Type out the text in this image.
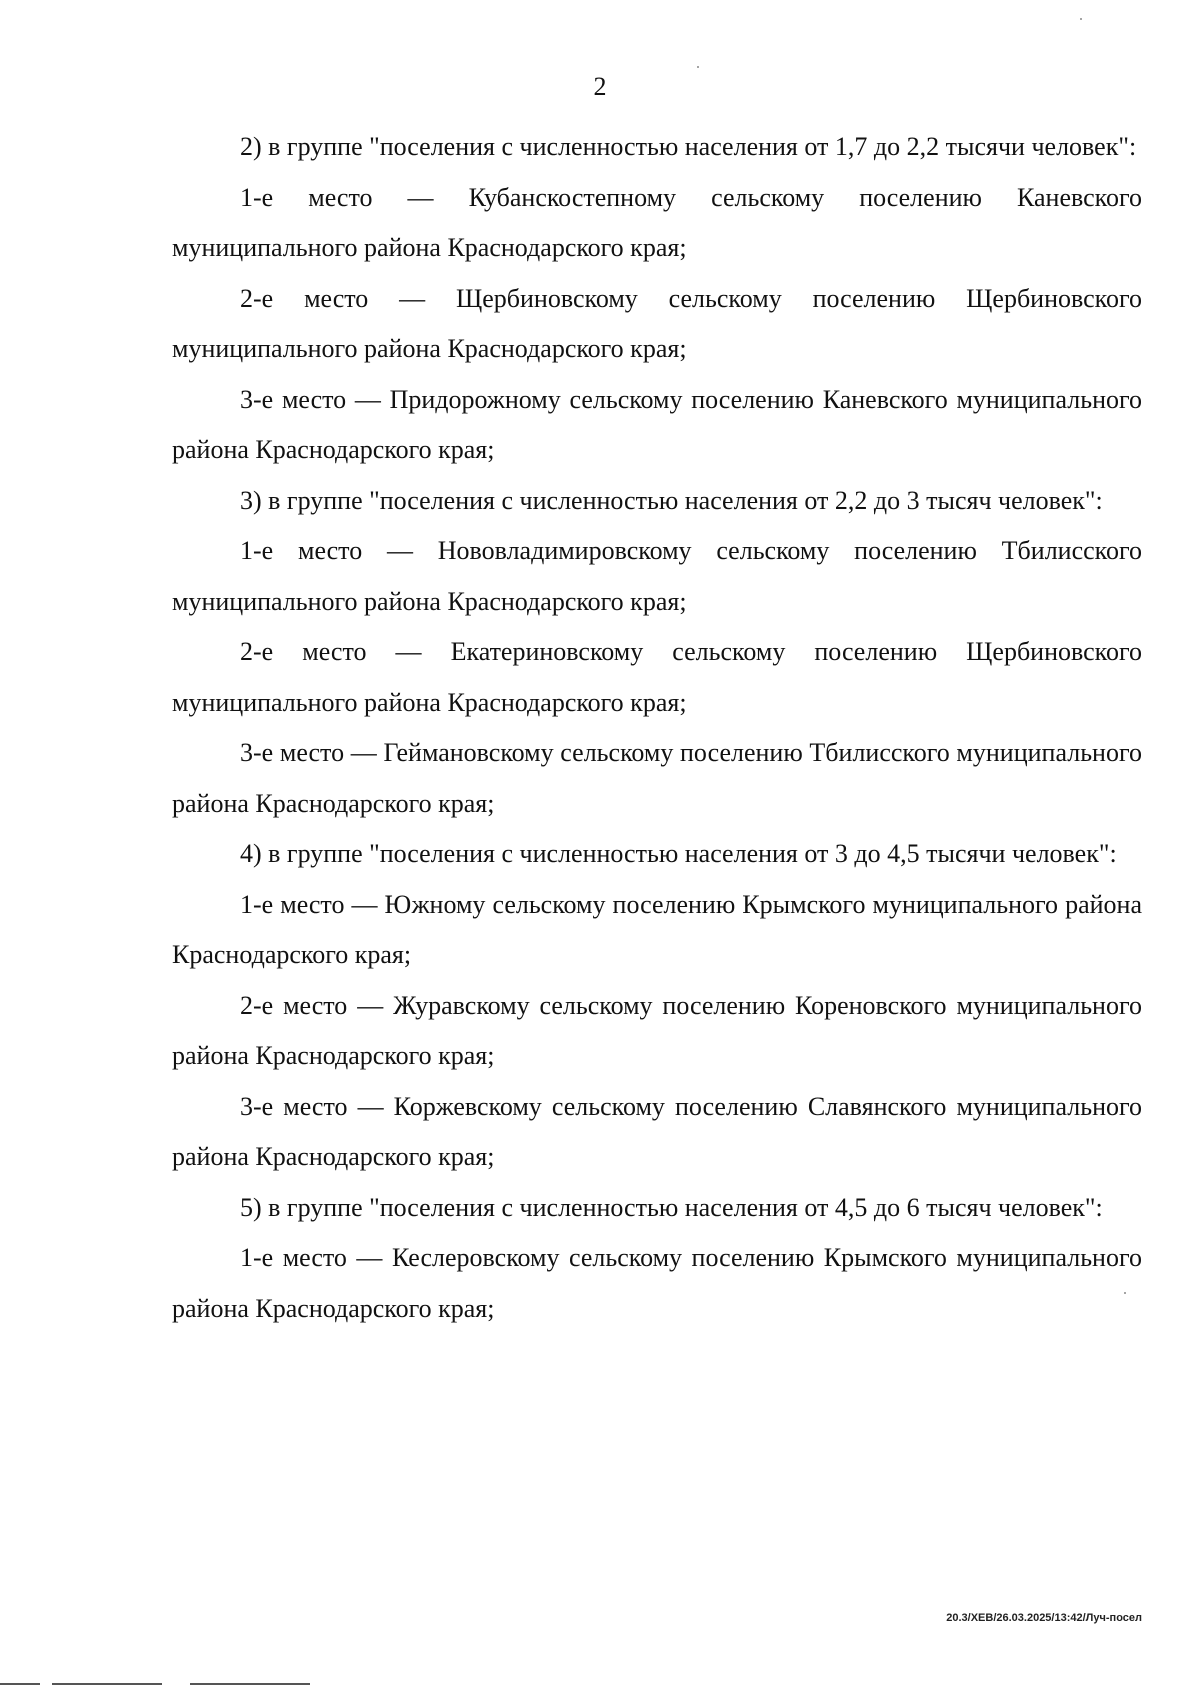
2

2) в группе "поселения с численностью населения от 1,7 до 2,2 тысячи человек":

1-е место — Кубанскостепному сельскому поселению Каневского муниципального района Краснодарского края;

2-е место — Щербиновскому сельскому поселению Щербиновского муниципального района Краснодарского края;

3-е место — Придорожному сельскому поселению Каневского муниципального района Краснодарского края;

3) в группе "поселения с численностью населения от 2,2 до 3 тысяч человек":

1-е место — Нововладимировскому сельскому поселению Тбилисского муниципального района Краснодарского края;

2-е место — Екатериновскому сельскому поселению Щербиновского муниципального района Краснодарского края;

3-е место — Геймановскому сельскому поселению Тбилисского муниципального района Краснодарского края;

4) в группе "поселения с численностью населения от 3 до 4,5 тысячи человек":

1-е место — Южному сельскому поселению Крымского муниципального района Краснодарского края;

2-е место — Журавскому сельскому поселению Кореновского муниципального района Краснодарского края;

3-е место — Коржевскому сельскому поселению Славянского муниципального района Краснодарского края;

5) в группе "поселения с численностью населения от 4,5 до 6 тысяч человек":

1-е место — Кеслеровскому сельскому поселению Крымского муниципального района Краснодарского края;

20.3/ХЕВ/26.03.2025/13:42/Луч-посел
